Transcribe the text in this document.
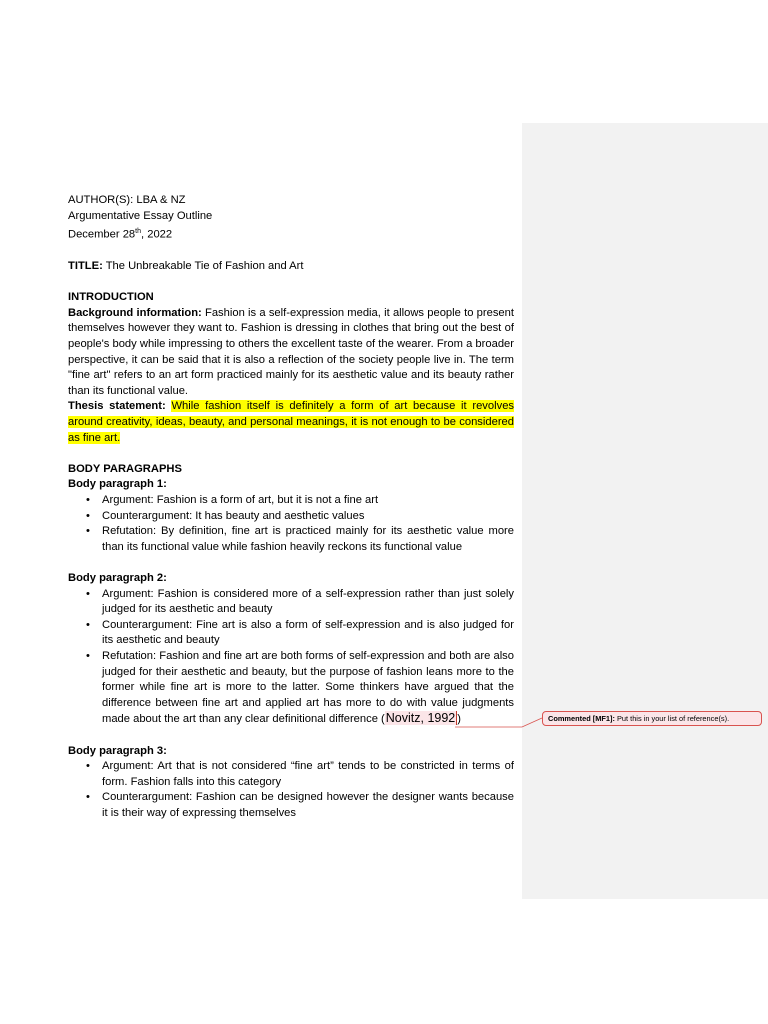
AUTHOR(S): LBA & NZ
Argumentative Essay Outline
December 28th, 2022
TITLE: The Unbreakable Tie of Fashion and Art
INTRODUCTION

Background information: Fashion is a self-expression media, it allows people to present themselves however they want to. Fashion is dressing in clothes that bring out the best of people's body while impressing to others the excellent taste of the wearer. From a broader perspective, it can be said that it is also a reflection of the society people live in. The term "fine art" refers to an art form practiced mainly for its aesthetic value and its beauty rather than its functional value.

Thesis statement: While fashion itself is definitely a form of art because it revolves around creativity, ideas, beauty, and personal meanings, it is not enough to be considered as fine art.

BODY PARAGRAPHS
Body paragraph 1:
• Argument: Fashion is a form of art, but it is not a fine art
• Counterargument: It has beauty and aesthetic values
• Refutation: By definition, fine art is practiced mainly for its aesthetic value more than its functional value while fashion heavily reckons its functional value
Body paragraph 2:
• Argument: Fashion is considered more of a self-expression rather than just solely judged for its aesthetic and beauty
• Counterargument: Fine art is also a form of self-expression and is also judged for its aesthetic and beauty
• Refutation: Fashion and fine art are both forms of self-expression and both are also judged for their aesthetic and beauty, but the purpose of fashion leans more to the former while fine art is more to the latter. Some thinkers have argued that the difference between fine art and applied art has more to do with value judgments made about the art than any clear definitional difference (Novitz, 1992 )
Body paragraph 3:
• Argument: Art that is not considered “fine art” tends to be constricted in terms of form. Fashion falls into this category
• Counterargument: Fashion can be designed however the designer wants because it is their way of expressing themselves
Commented [MF1]: Put this in your list of reference(s).
